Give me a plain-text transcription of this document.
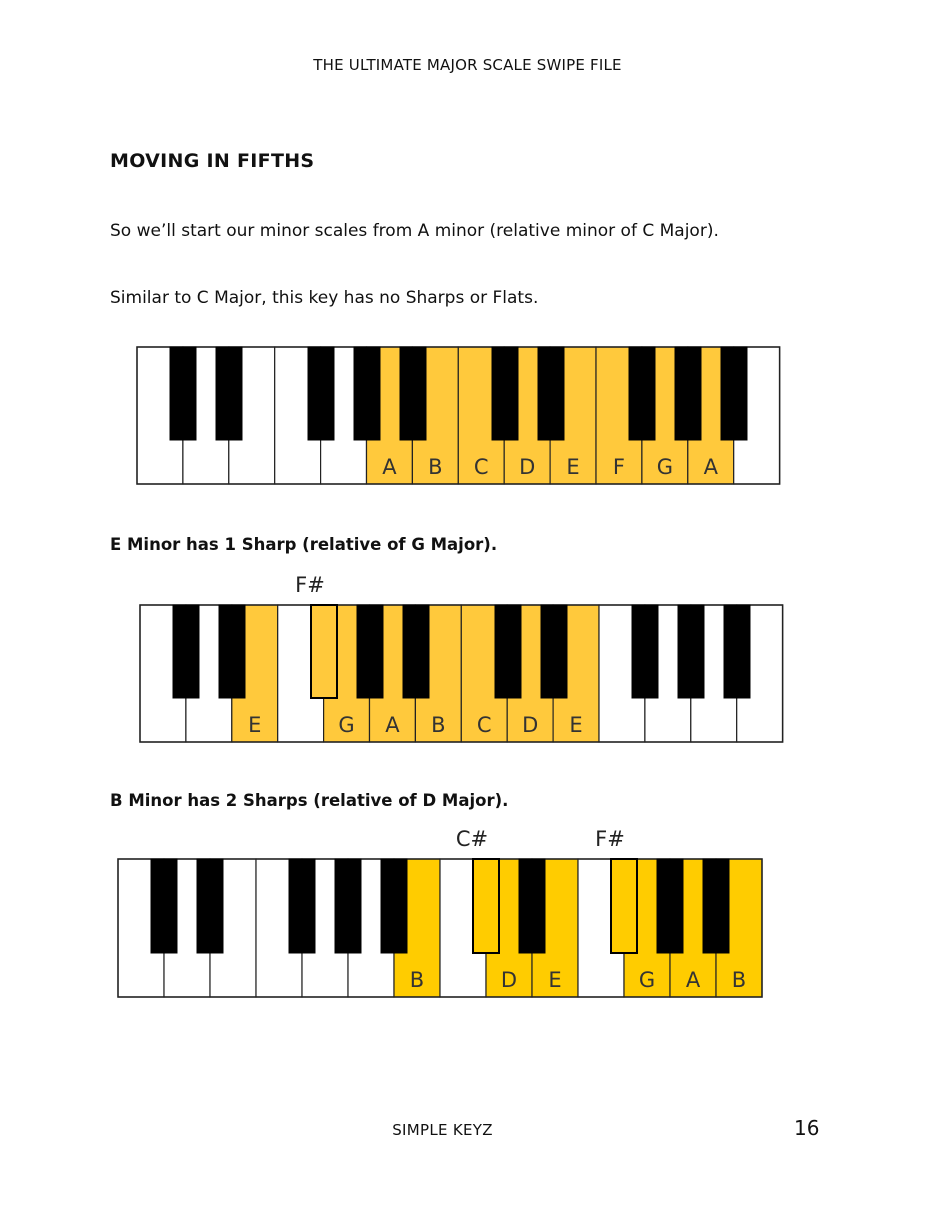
THE ULTIMATE MAJOR SCALE SWIPE FILE
MOVING IN FIFTHS
So we’ll start our minor scales from A minor (relative minor of C Major).
Similar to C Major, this key has no Sharps or Flats.
A B C D E F G A
E Minor has 1 Sharp (relative of G Major).
E	G A B C D E
F#
B Minor has 2 Sharps (relative of D Major).
B	D E	G A B
C#	F#
SIMPLE KEYZ	16
